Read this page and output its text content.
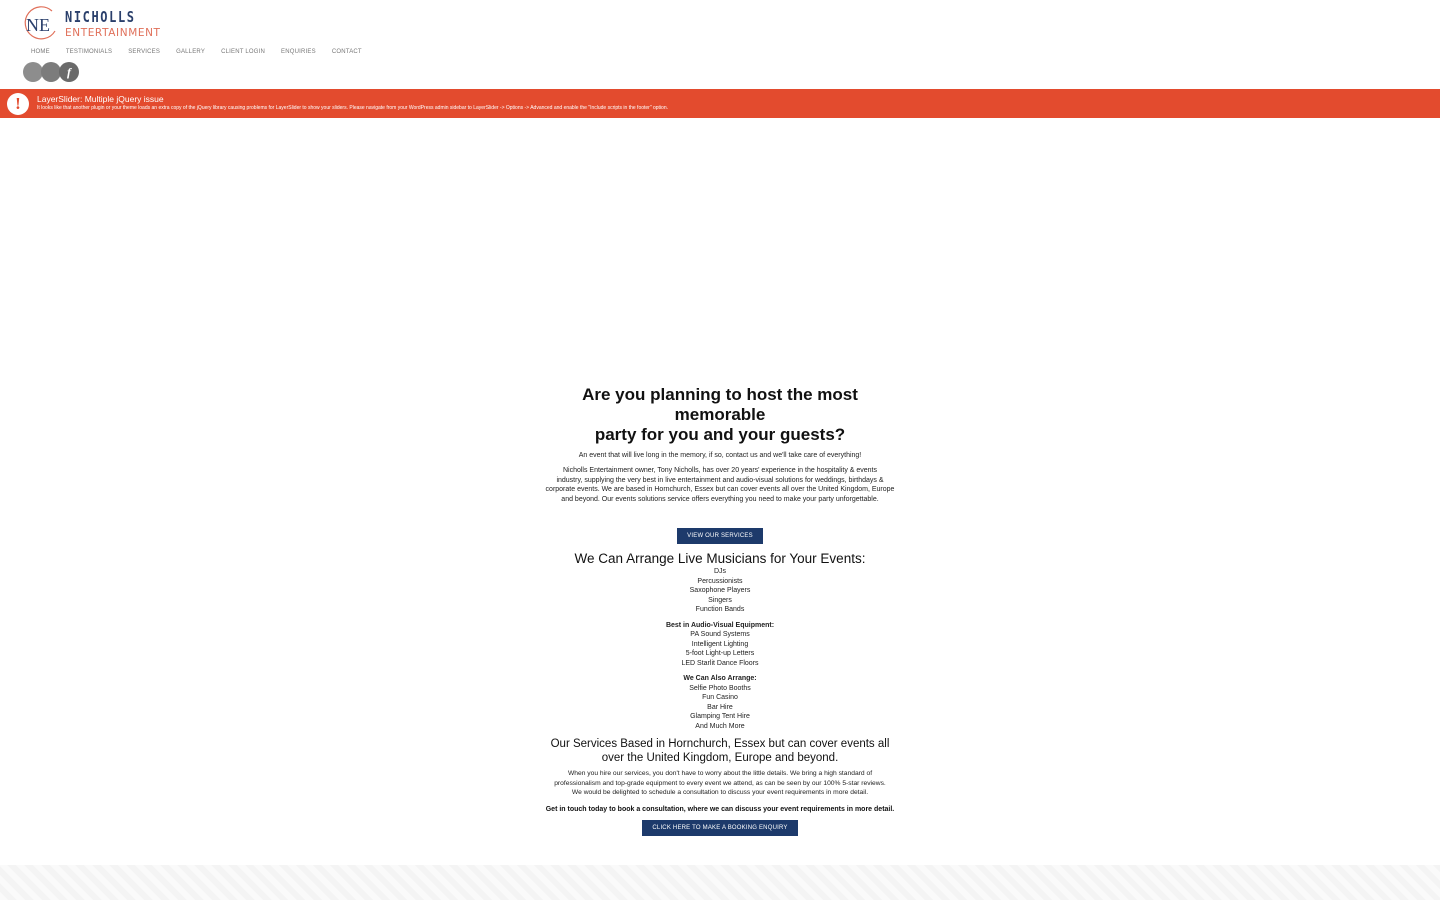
NE NICHOLLS
ENTERTAINMENT
HOME	TESTIMONIALS	SERVICES	GALLERY	CLIENT LOGIN	ENQUIRIES	CONTACT
f
!	LayerSlider: Multiple jQuery issue
It looks like that another plugin or your theme loads an extra copy of the jQuery library causing problems for LayerSlider to show your sliders. Please navigate from your WordPress admin sidebar to LayerSlider -> Options -> Advanced and enable the "Include scripts in the footer" option.
Are you planning to host the most memorable
party for you and your guests?
An event that will live long in the memory, if so, contact us and we'll take care of everything!
Nicholls Entertainment owner, Tony Nicholls, has over 20 years' experience in the hospitality & events
industry, supplying the very best in live entertainment and audio-visual solutions for weddings, birthdays &
corporate events. We are based in Hornchurch, Essex but can cover events all over the United Kingdom, Europe
and beyond. Our events solutions service offers everything you need to make your party unforgettable.
VIEW OUR SERVICES
We Can Arrange Live Musicians for Your Events:
DJs
Percussionists
Saxophone Players
Singers
Function Bands
Best in Audio-Visual Equipment:
PA Sound Systems
Intelligent Lighting
5-foot Light-up Letters
LED Starlit Dance Floors
We Can Also Arrange:
Selfie Photo Booths
Fun Casino
Bar Hire
Glamping Tent Hire
And Much More
Our Services Based in Hornchurch, Essex but can cover events all
over the United Kingdom, Europe and beyond.
When you hire our services, you don't have to worry about the little details. We bring a high standard of
professionalism and top-grade equipment to every event we attend, as can be seen by our 100% 5-star reviews.
We would be delighted to schedule a consultation to discuss your event requirements in more detail.
Get in touch today to book a consultation, where we can discuss your event requirements in more detail.
CLICK HERE TO MAKE A BOOKING ENQUIRY
